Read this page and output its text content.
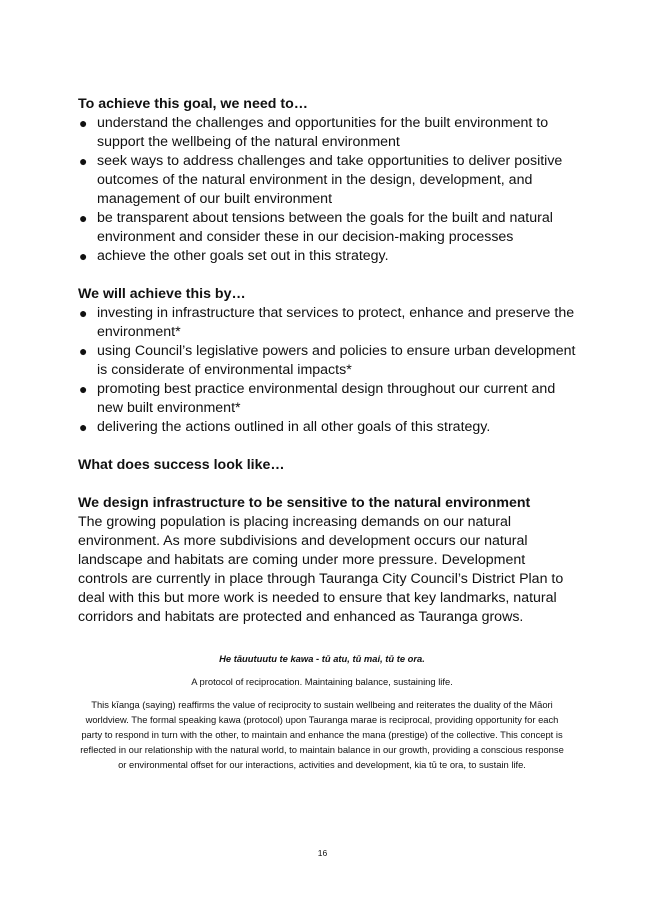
To achieve this goal, we need to…

● understand the challenges and opportunities for the built environment to support the wellbeing of the natural environment
● seek ways to address challenges and take opportunities to deliver positive outcomes of the natural environment in the design, development, and management of our built environment
● be transparent about tensions between the goals for the built and natural environment and consider these in our decision-making processes
● achieve the other goals set out in this strategy.

We will achieve this by…

● investing in infrastructure that services to protect, enhance and preserve the environment*
● using Council’s legislative powers and policies to ensure urban development is considerate of environmental impacts*
● promoting best practice environmental design throughout our current and new built environment*
● delivering the actions outlined in all other goals of this strategy.

What does success look like…

We design infrastructure to be sensitive to the natural environment

The growing population is placing increasing demands on our natural environment. As more subdivisions and development occurs our natural landscape and habitats are coming under more pressure. Development controls are currently in place through Tauranga City Council’s District Plan to deal with this but more work is needed to ensure that key landmarks, natural corridors and habitats are protected and enhanced as Tauranga grows.

He tāuutuutu te kawa - tū atu, tū mai, tū te ora.

A protocol of reciprocation. Maintaining balance, sustaining life.

This kīanga (saying) reaffirms the value of reciprocity to sustain wellbeing and reiterates the duality of the Māori worldview. The formal speaking kawa (protocol) upon Tauranga marae is reciprocal, providing opportunity for each party to respond in turn with the other, to maintain and enhance the mana (prestige) of the collective. This concept is reflected in our relationship with the natural world, to maintain balance in our growth, providing a conscious response or environmental offset for our interactions, activities and development, kia tū te ora, to sustain life.

16
